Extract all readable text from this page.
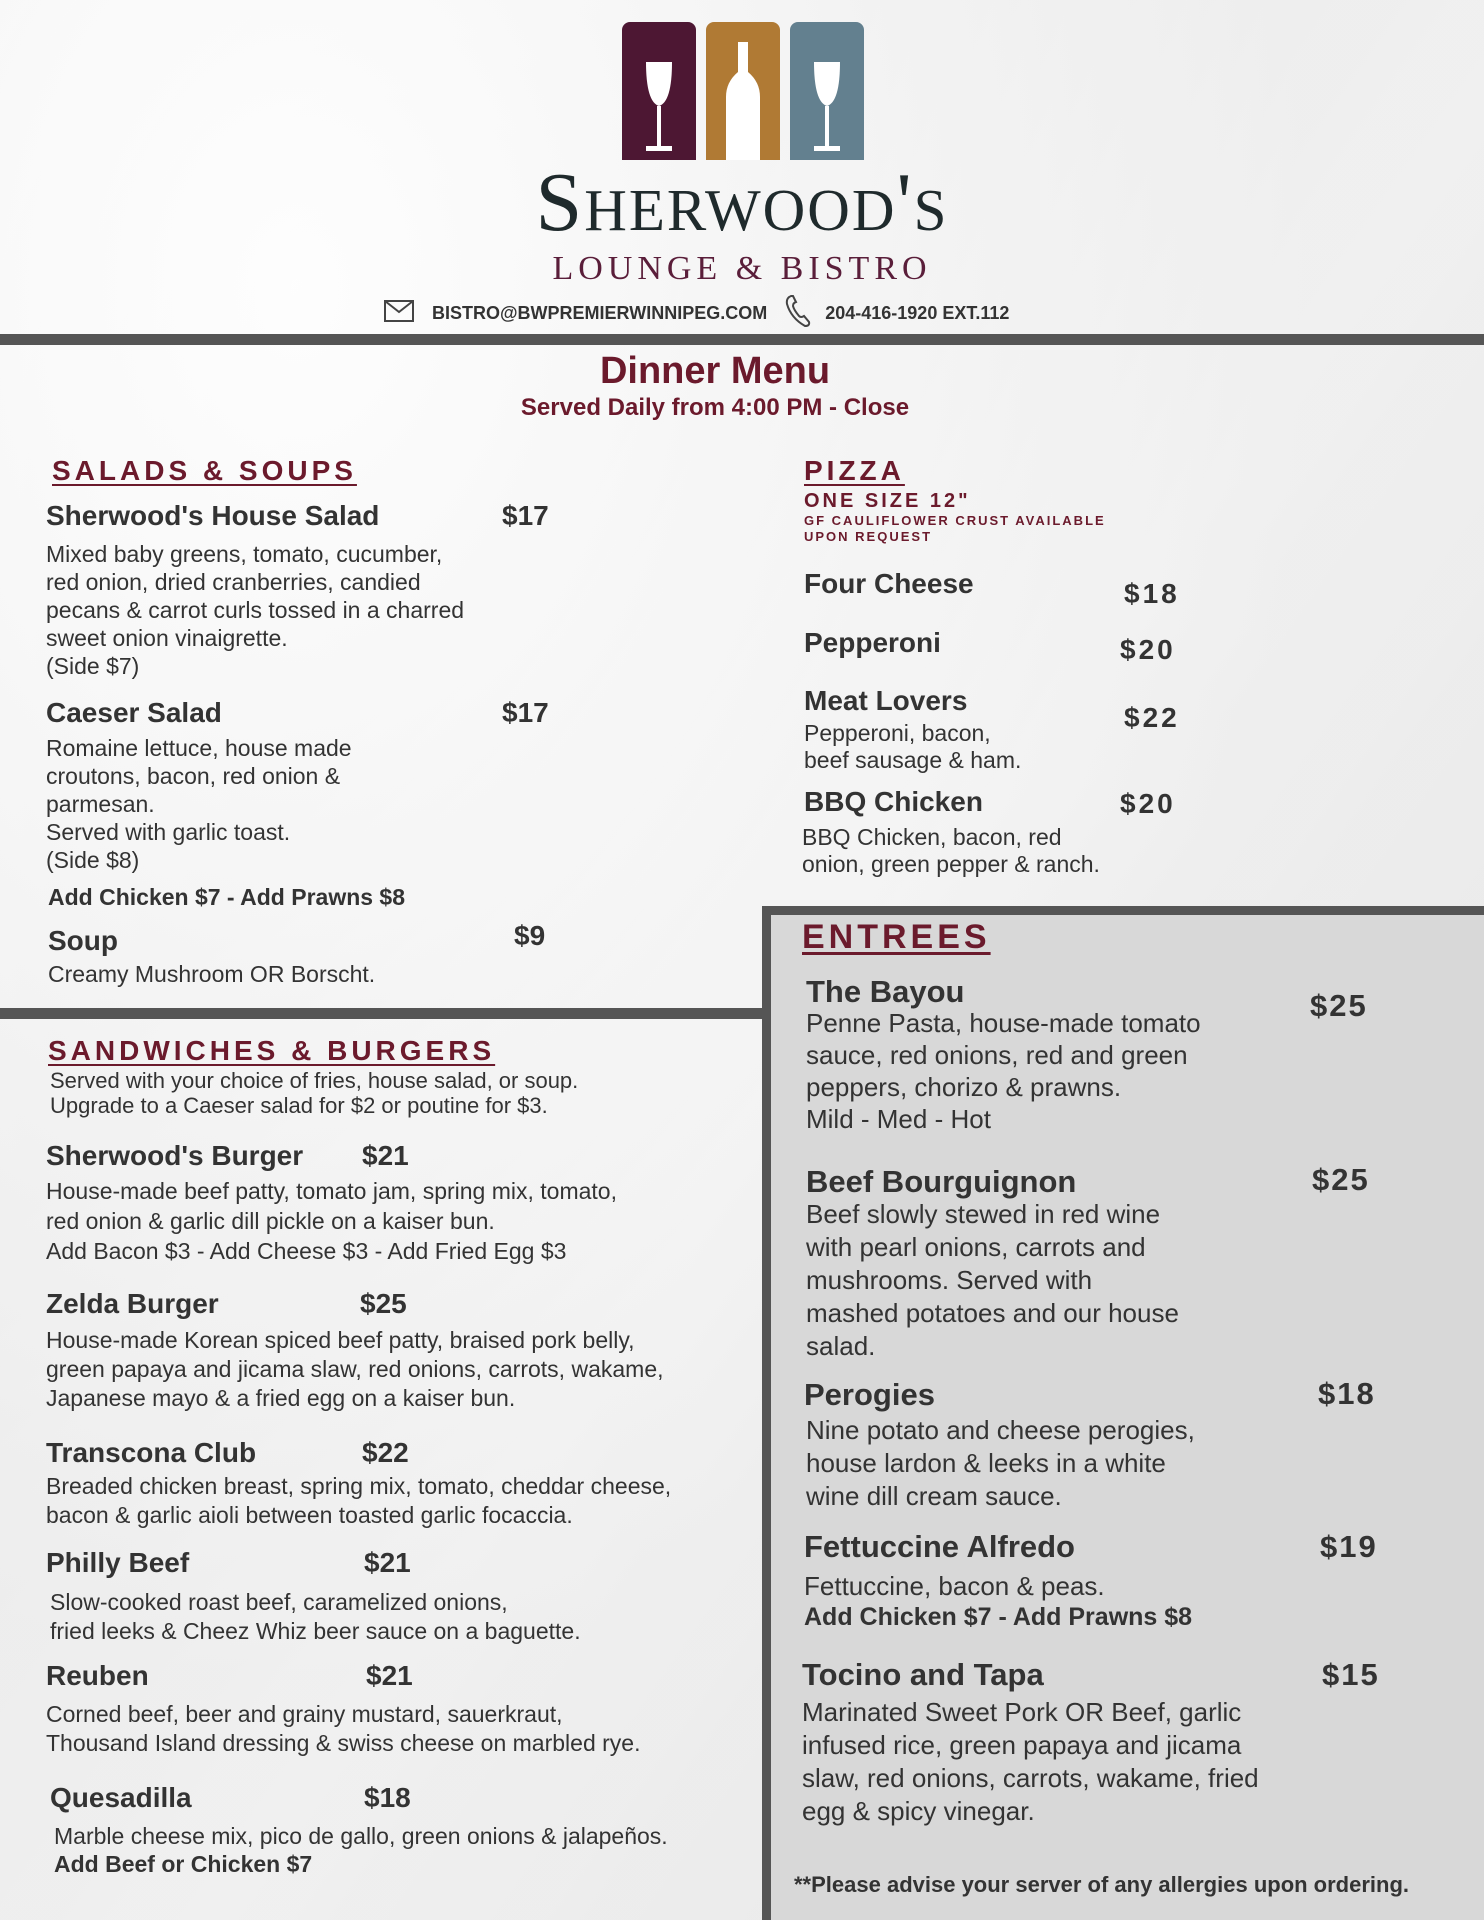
Sherwood's
LOUNGE & BISTRO
BISTRO@BWPREMIERWINNIPEG.COM	204-416-1920 EXT.112
Dinner Menu
Served Daily from 4:00 PM - Close
SALADS & SOUPS
Sherwood's House Salad	$17
Mixed baby greens, tomato, cucumber,
red onion, dried cranberries, candied
pecans & carrot curls tossed in a charred
sweet onion vinaigrette.
(Side $7)
Caeser Salad	$17
Romaine lettuce, house made
croutons, bacon, red onion &
parmesan.
Served with garlic toast.
(Side $8)
Add Chicken $7 - Add Prawns $8
Soup	$9
Creamy Mushroom OR Borscht.
PIZZA
ONE SIZE 12"
GF CAULIFLOWER CRUST AVAILABLE
UPON REQUEST
Four Cheese	$18
Pepperoni	$20
Meat Lovers
$22
Pepperoni, bacon,
beef sausage & ham.
BBQ Chicken	$20
BBQ Chicken, bacon, red
onion, green pepper & ranch.
SANDWICHES & BURGERS
Served with your choice of fries, house salad, or soup.
Upgrade to a Caeser salad for $2 or poutine for $3.
Sherwood's Burger $21
House-made beef patty, tomato jam, spring mix, tomato,
red onion & garlic dill pickle on a kaiser bun.
Add Bacon $3 - Add Cheese $3 - Add Fried Egg $3
Zelda Burger	$25
House-made Korean spiced beef patty, braised pork belly,
green papaya and jicama slaw, red onions, carrots, wakame,
Japanese mayo & a fried egg on a kaiser bun.
Transcona Club	$22
Breaded chicken breast, spring mix, tomato, cheddar cheese,
bacon & garlic aioli between toasted garlic focaccia.
Philly Beef	$21
Slow-cooked roast beef, caramelized onions,
fried leeks & Cheez Whiz beer sauce on a baguette.
Reuben	$21
Corned beef, beer and grainy mustard, sauerkraut,
Thousand Island dressing & swiss cheese on marbled rye.
Quesadilla	$18
Marble cheese mix, pico de gallo, green onions & jalapeños.
Add Beef or Chicken $7
ENTREES
The Bayou	$25
Penne Pasta, house-made tomato
sauce, red onions, red and green
peppers, chorizo & prawns.
Mild - Med - Hot
Beef Bourguignon	$25
Beef slowly stewed in red wine
with pearl onions, carrots and
mushrooms. Served with
mashed potatoes and our house
salad.
Perogies	$18
Nine potato and cheese perogies,
house lardon & leeks in a white
wine dill cream sauce.
Fettuccine Alfredo	$19
Fettuccine, bacon & peas.
Add Chicken $7 - Add Prawns $8
Tocino and Tapa	$15
Marinated Sweet Pork OR Beef, garlic
infused rice, green papaya and jicama
slaw, red onions, carrots, wakame, fried
egg & spicy vinegar.
**Please advise your server of any allergies upon ordering.
